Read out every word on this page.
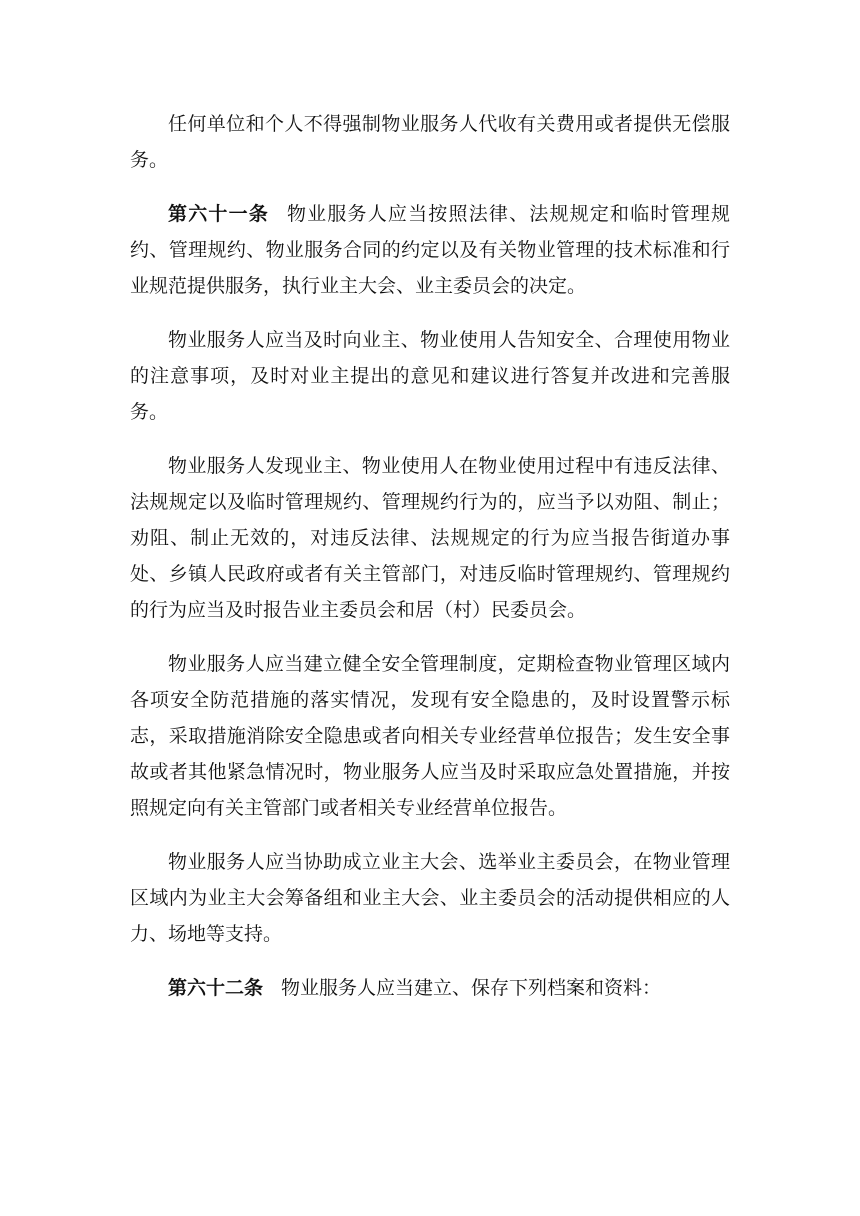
任何单位和个人不得强制物业服务人代收有关费用或者提供无偿服务。

第六十一条 物业服务人应当按照法律、法规规定和临时管理规约、管理规约、物业服务合同的约定以及有关物业管理的技术标准和行业规范提供服务，执行业主大会、业主委员会的决定。

物业服务人应当及时向业主、物业使用人告知安全、合理使用物业的注意事项，及时对业主提出的意见和建议进行答复并改进和完善服务。

物业服务人发现业主、物业使用人在物业使用过程中有违反法律、法规规定以及临时管理规约、管理规约行为的，应当予以劝阻、制止；劝阻、制止无效的，对违反法律、法规规定的行为应当报告街道办事处、乡镇人民政府或者有关主管部门，对违反临时管理规约、管理规约的行为应当及时报告业主委员会和居（村）民委员会。

物业服务人应当建立健全安全管理制度，定期检查物业管理区域内各项安全防范措施的落实情况，发现有安全隐患的，及时设置警示标志，采取措施消除安全隐患或者向相关专业经营单位报告；发生安全事故或者其他紧急情况时，物业服务人应当及时采取应急处置措施，并按照规定向有关主管部门或者相关专业经营单位报告。

物业服务人应当协助成立业主大会、选举业主委员会，在物业管理区域内为业主大会筹备组和业主大会、业主委员会的活动提供相应的人力、场地等支持。

第六十二条 物业服务人应当建立、保存下列档案和资料：
